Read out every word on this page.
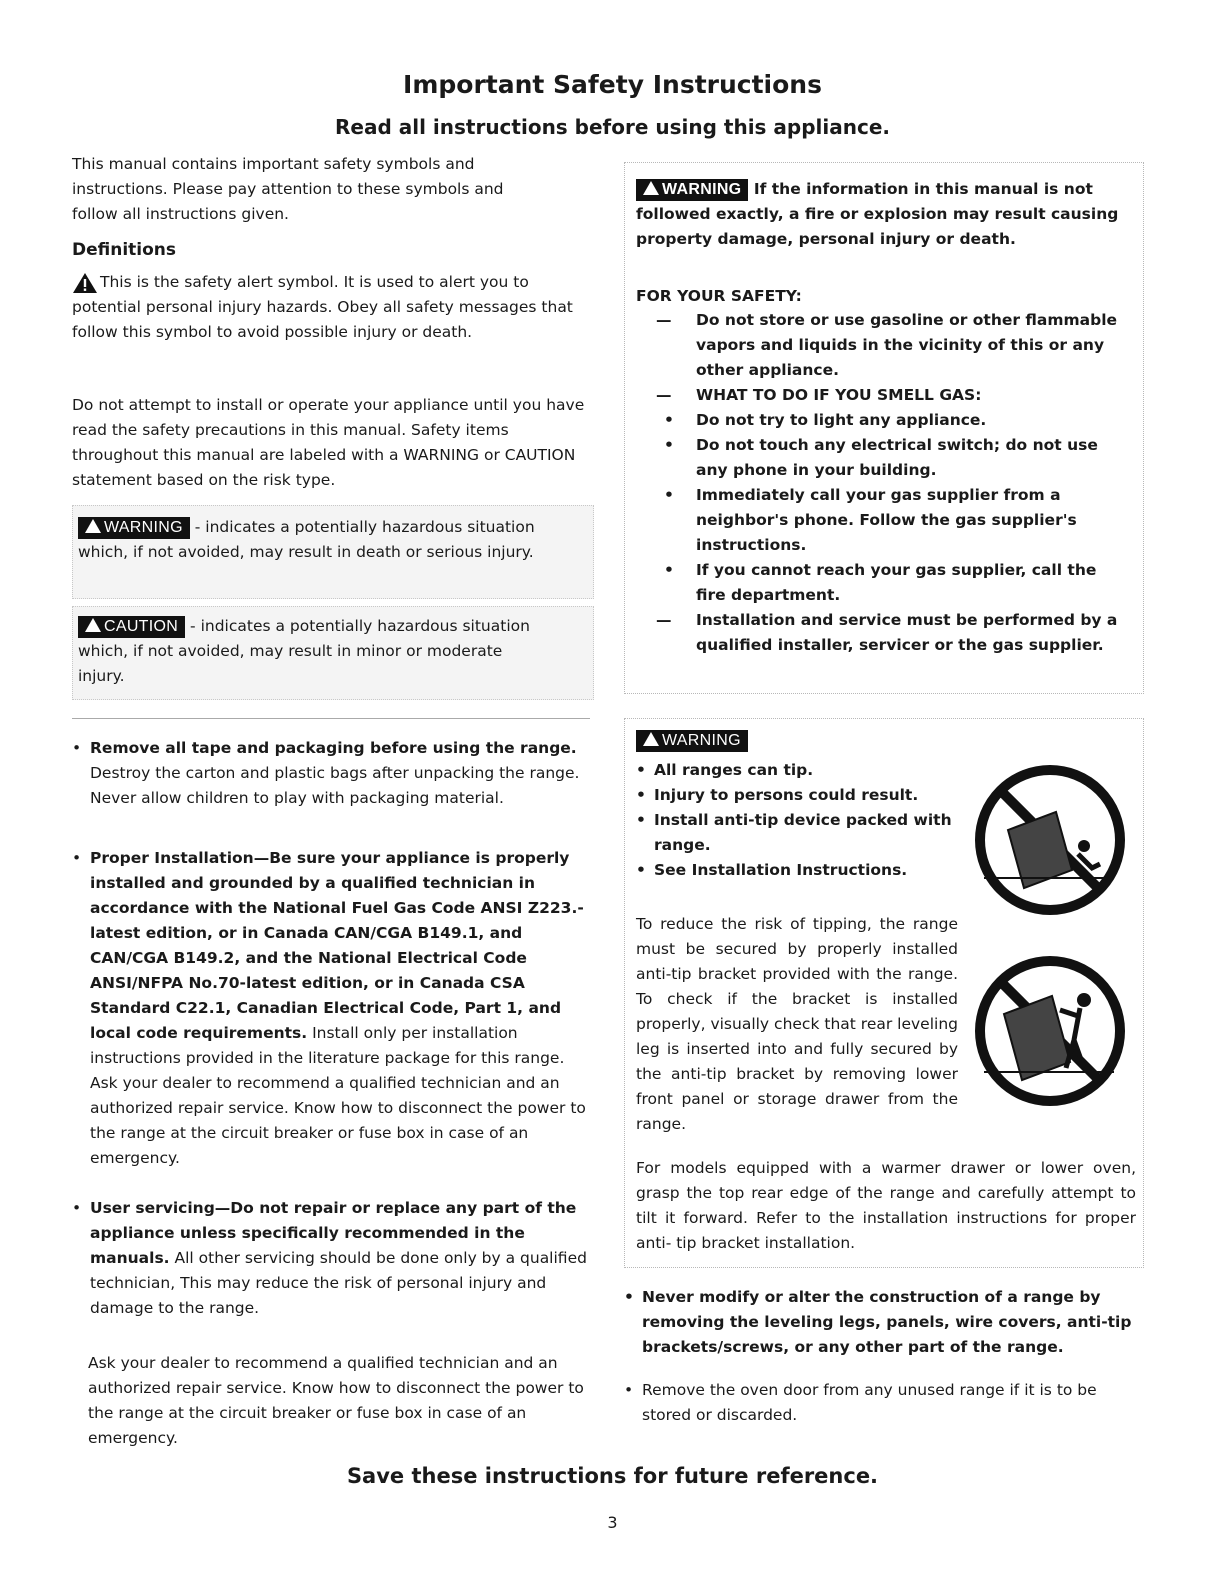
Important Safety Instructions
Read all instructions before using this appliance.
This manual contains important safety symbols and instructions. Please pay attention to these symbols and follow all instructions given.
Definitions
This is the safety alert symbol. It is used to alert you to potential personal injury hazards. Obey all safety messages that follow this symbol to avoid possible injury or death.
Do not attempt to install or operate your appliance until you have read the safety precautions in this manual. Safety items throughout this manual are labeled with a WARNING or CAUTION statement based on the risk type.
WARNING - indicates a potentially hazardous situation which, if not avoided, may result in death or serious injury.
CAUTION - indicates a potentially hazardous situation which, if not avoided, may result in minor or moderate injury.
• Remove all tape and packaging before using the range. Destroy the carton and plastic bags after unpacking the range. Never allow children to play with packaging material.
• Proper Installation—Be sure your appliance is properly installed and grounded by a qualified technician in accordance with the National Fuel Gas Code ANSI Z223.- latest edition, or in Canada CAN/CGA B149.1, and CAN/CGA B149.2, and the National Electrical Code ANSI/NFPA No.70-latest edition, or in Canada CSA Standard C22.1, Canadian Electrical Code, Part 1, and local code requirements. Install only per installation instructions provided in the literature package for this range. Ask your dealer to recommend a qualified technician and an authorized repair service. Know how to disconnect the power to the range at the circuit breaker or fuse box in case of an emergency.
• User servicing—Do not repair or replace any part of the appliance unless specifically recommended in the manuals. All other servicing should be done only by a qualified technician, This may reduce the risk of personal injury and damage to the range.
Ask your dealer to recommend a qualified technician and an authorized repair service. Know how to disconnect the power to the range at the circuit breaker or fuse box in case of an emergency.
WARNING If the information in this manual is not followed exactly, a fire or explosion may result causing property damage, personal injury or death.
FOR YOUR SAFETY:
— Do not store or use gasoline or other flammable vapors and liquids in the vicinity of this or any other appliance.
— WHAT TO DO IF YOU SMELL GAS:
• Do not try to light any appliance.
• Do not touch any electrical switch; do not use any phone in your building.
• Immediately call your gas supplier from a neighbor's phone. Follow the gas supplier's instructions.
• If you cannot reach your gas supplier, call the fire department.
— Installation and service must be performed by a qualified installer, servicer or the gas supplier.
WARNING
• All ranges can tip.
• Injury to persons could result.
• Install anti-tip device packed with range.
• See Installation Instructions.
To reduce the risk of tipping, the range must be secured by properly installed anti-tip bracket provided with the range. To check if the bracket is installed properly, visually check that rear leveling leg is inserted into and fully secured by the anti-tip bracket by removing lower front panel or storage drawer from the range.
For models equipped with a warmer drawer or lower oven, grasp the top rear edge of the range and carefully attempt to tilt it forward. Refer to the installation instructions for proper anti- tip bracket installation.
• Never modify or alter the construction of a range by removing the leveling legs, panels, wire covers, anti-tip brackets/screws, or any other part of the range.
• Remove the oven door from any unused range if it is to be stored or discarded.
Save these instructions for future reference.
3
